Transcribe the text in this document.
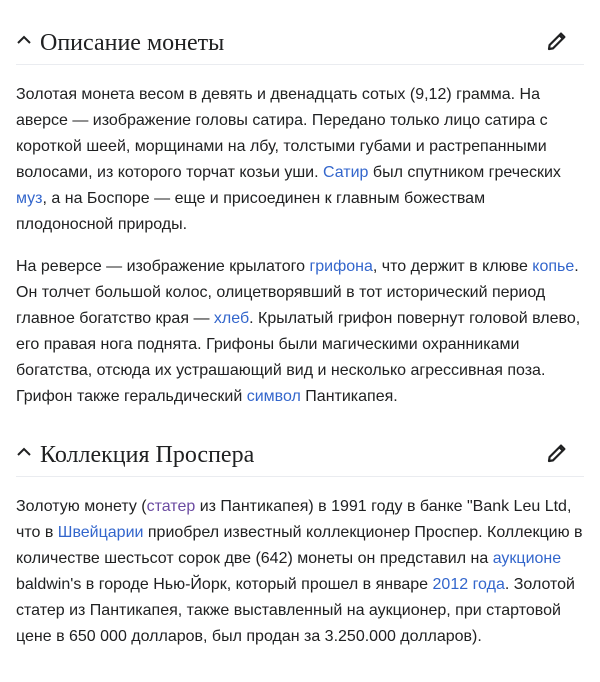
Описание монеты

Золотая монета весом в девять и двенадцать сотых (9,12) грамма. На аверсе — изображение головы сатира. Передано только лицо сатира с короткой шеей, морщинами на лбу, толстыми губами и растрепанными волосами, из которого торчат козьи уши. Сатир был спутником греческих муз, а на Боспоре — еще и присоединен к главным божествам плодоносной природы.

На реверсе — изображение крылатого грифона, что держит в клюве копье. Он толчет большой колос, олицетворявший в тот исторический период главное богатство края — хлеб. Крылатый грифон повернут головой влево, его правая нога поднята. Грифоны были магическими охранниками богатства, отсюда их устрашающий вид и несколько агрессивная поза. Грифон также геральдический символ Пантикапея.

Коллекция Проспера

Золотую монету (статер из Пантикапея) в 1991 году в банке "Bank Leu Ltd, что в Швейцарии приобрел известный коллекционер Проспер. Коллекцию в количестве шестьсот сорок две (642) монеты он представил на аукционе baldwin's в городе Нью-Йорк, который прошел в январе 2012 года. Золотой статер из Пантикапея, также выставленный на аукционер, при стартовой цене в 650 000 долларов, был продан за 3.250.000 долларов).
